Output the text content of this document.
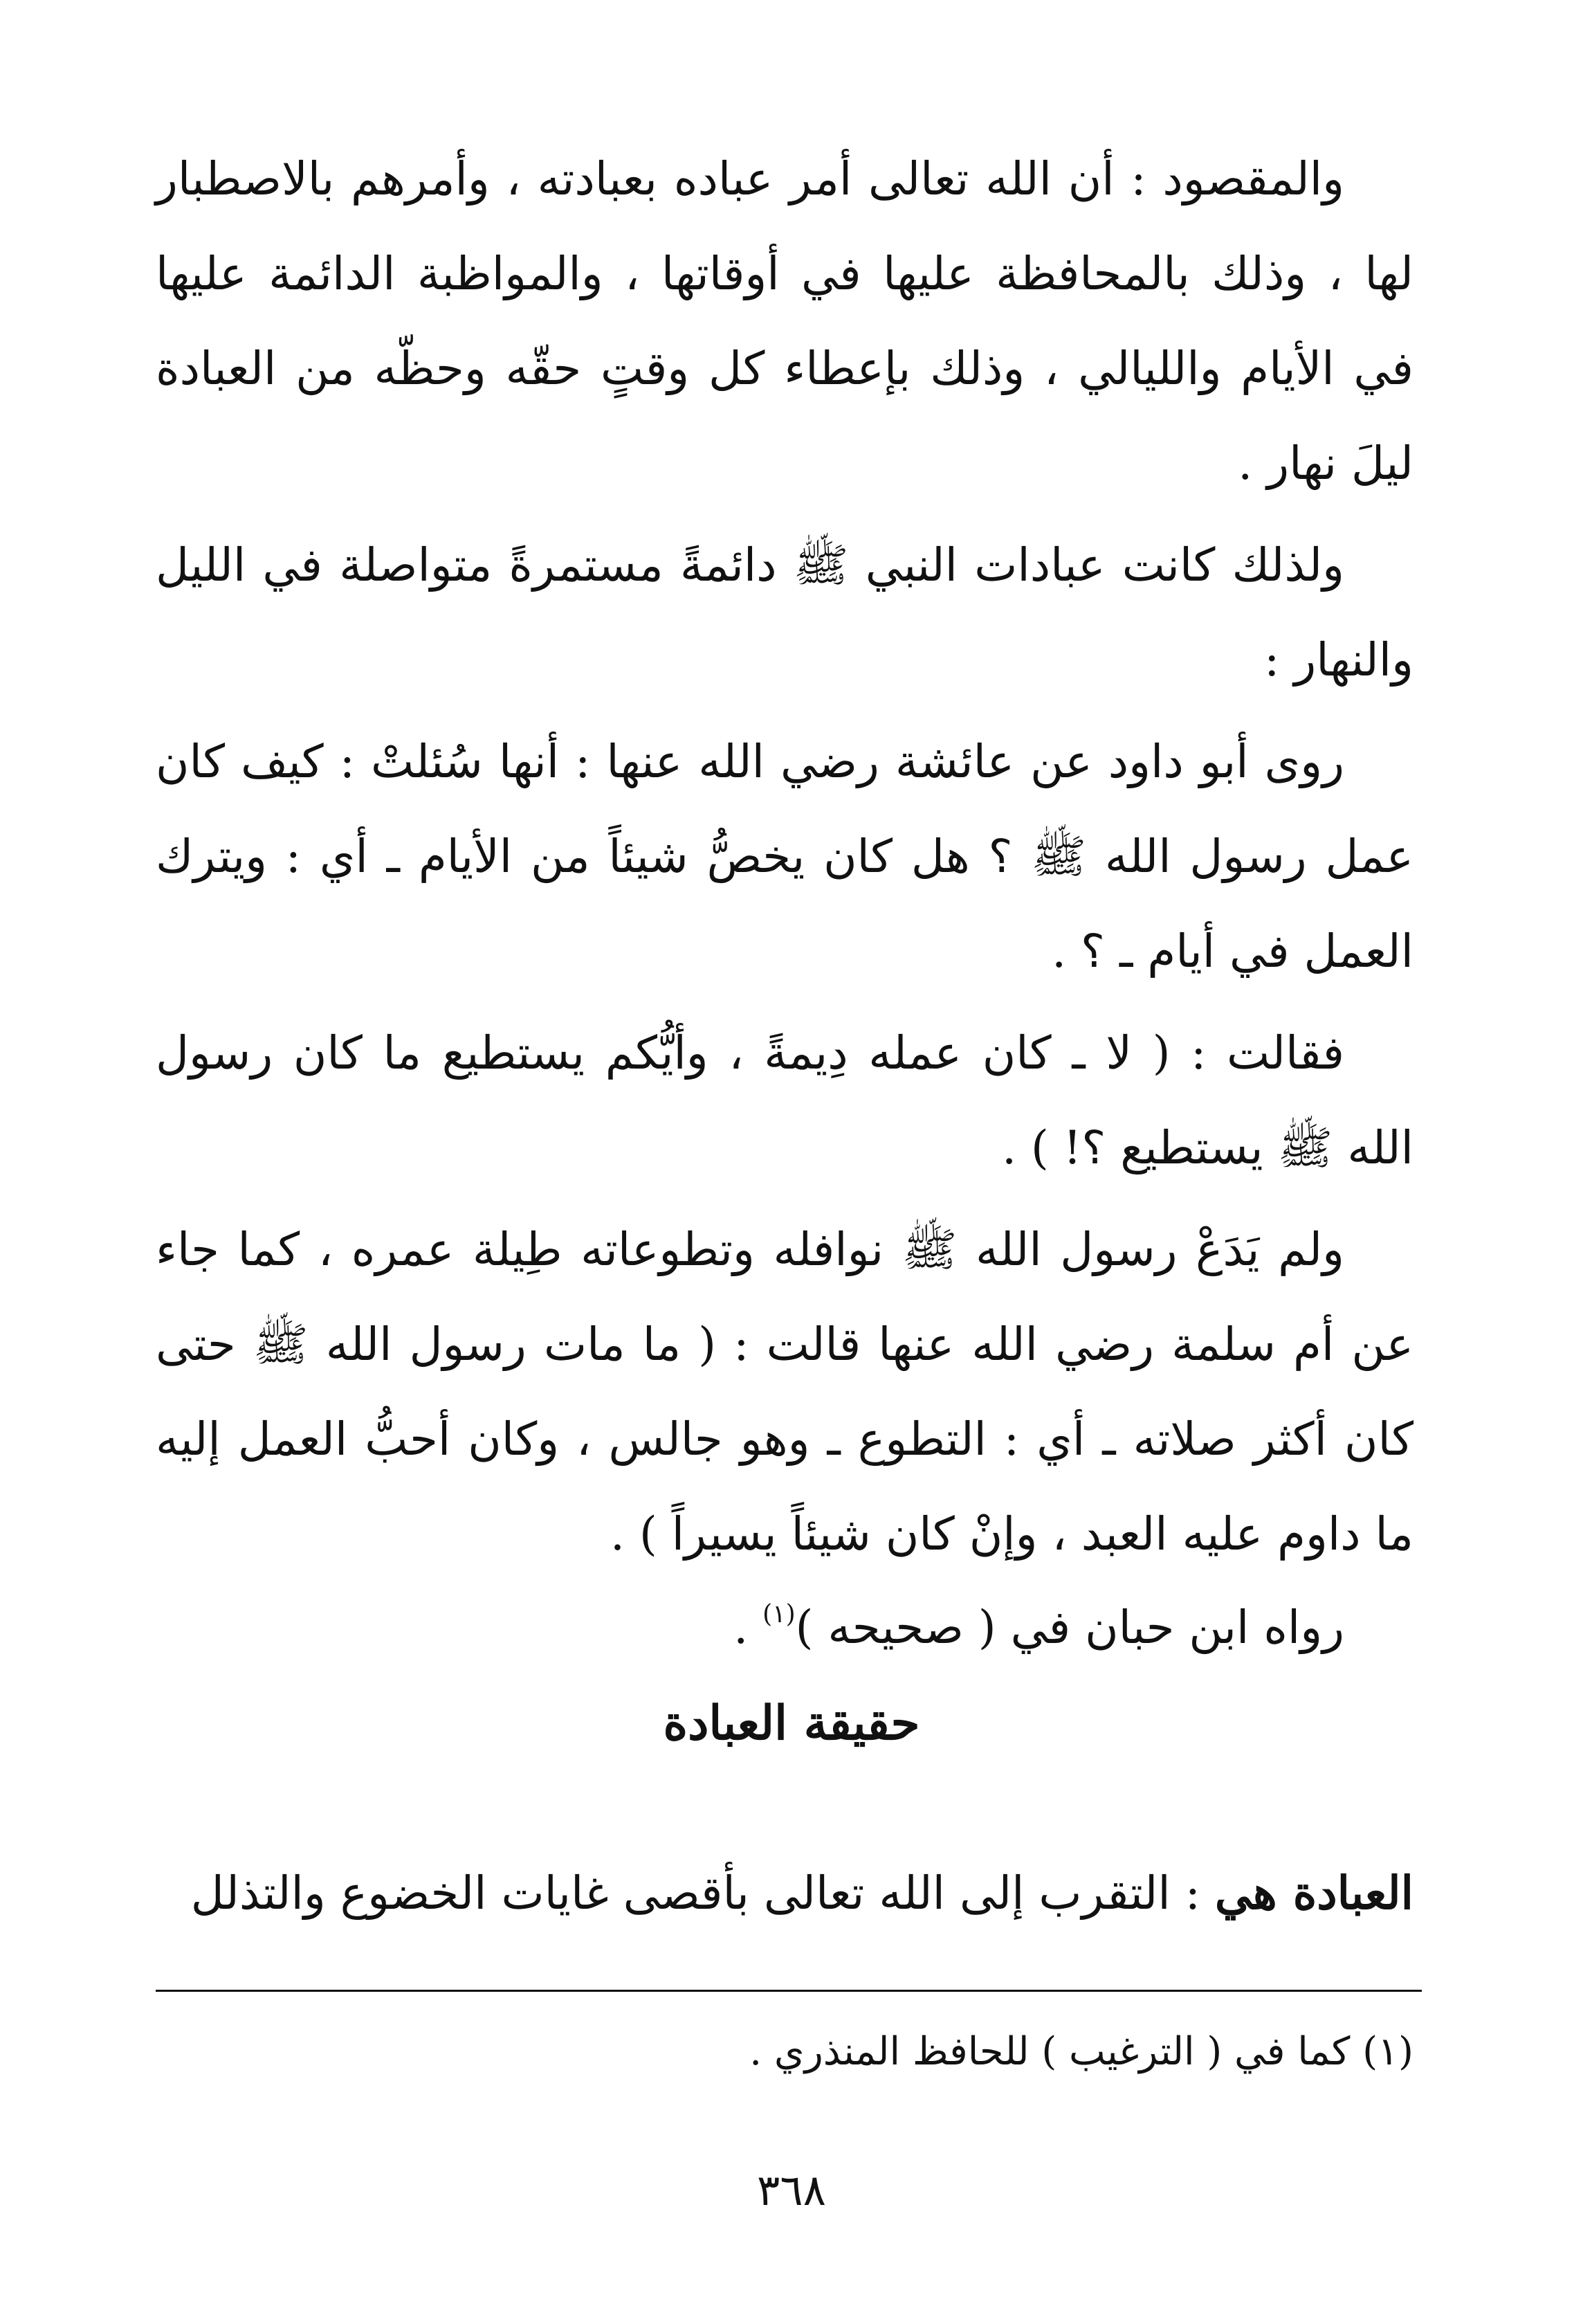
والمقصود : أن الله تعالى أمر عباده بعبادته ، وأمرهم بالاصطبار لها ، وذلك بالمحافظة عليها في أوقاتها ، والمواظبة الدائمة عليها في الأيام والليالي ، وذلك بإعطاء كل وقتٍ حقّه وحظّه من العبادة ليلَ نهار .

ولذلك كانت عبادات النبي ﷺ دائمةً مستمرةً متواصلة في الليل والنهار :

روى أبو داود عن عائشة رضي الله عنها : أنها سُئلتْ : كيف كان عمل رسول الله ﷺ ؟ هل كان يخصُّ شيئاً من الأيام ـ أي : ويترك العمل في أيام ـ ؟ .

فقالت : ( لا ـ كان عمله دِيمةً ، وأيُّكم يستطيع ما كان رسول الله ﷺ يستطيع ؟! ) .

ولم يَدَعْ رسول الله ﷺ نوافله وتطوعاته طِيلة عمره ، كما جاء عن أم سلمة رضي الله عنها قالت : ( ما مات رسول الله ﷺ حتى كان أكثر صلاته ـ أي : التطوع ـ وهو جالس ، وكان أحبُّ العمل إليه ما داوم عليه العبد ، وإنْ كان شيئاً يسيراً ) .

رواه ابن حبان في ( صحيحه )$^{(١)}$ .

حقيقة العبادة

العبادة هي : التقرب إلى الله تعالى بأقصى غايات الخضوع والتذلل

(١) كما في ( الترغيب ) للحافظ المنذري .

٣٦٨
